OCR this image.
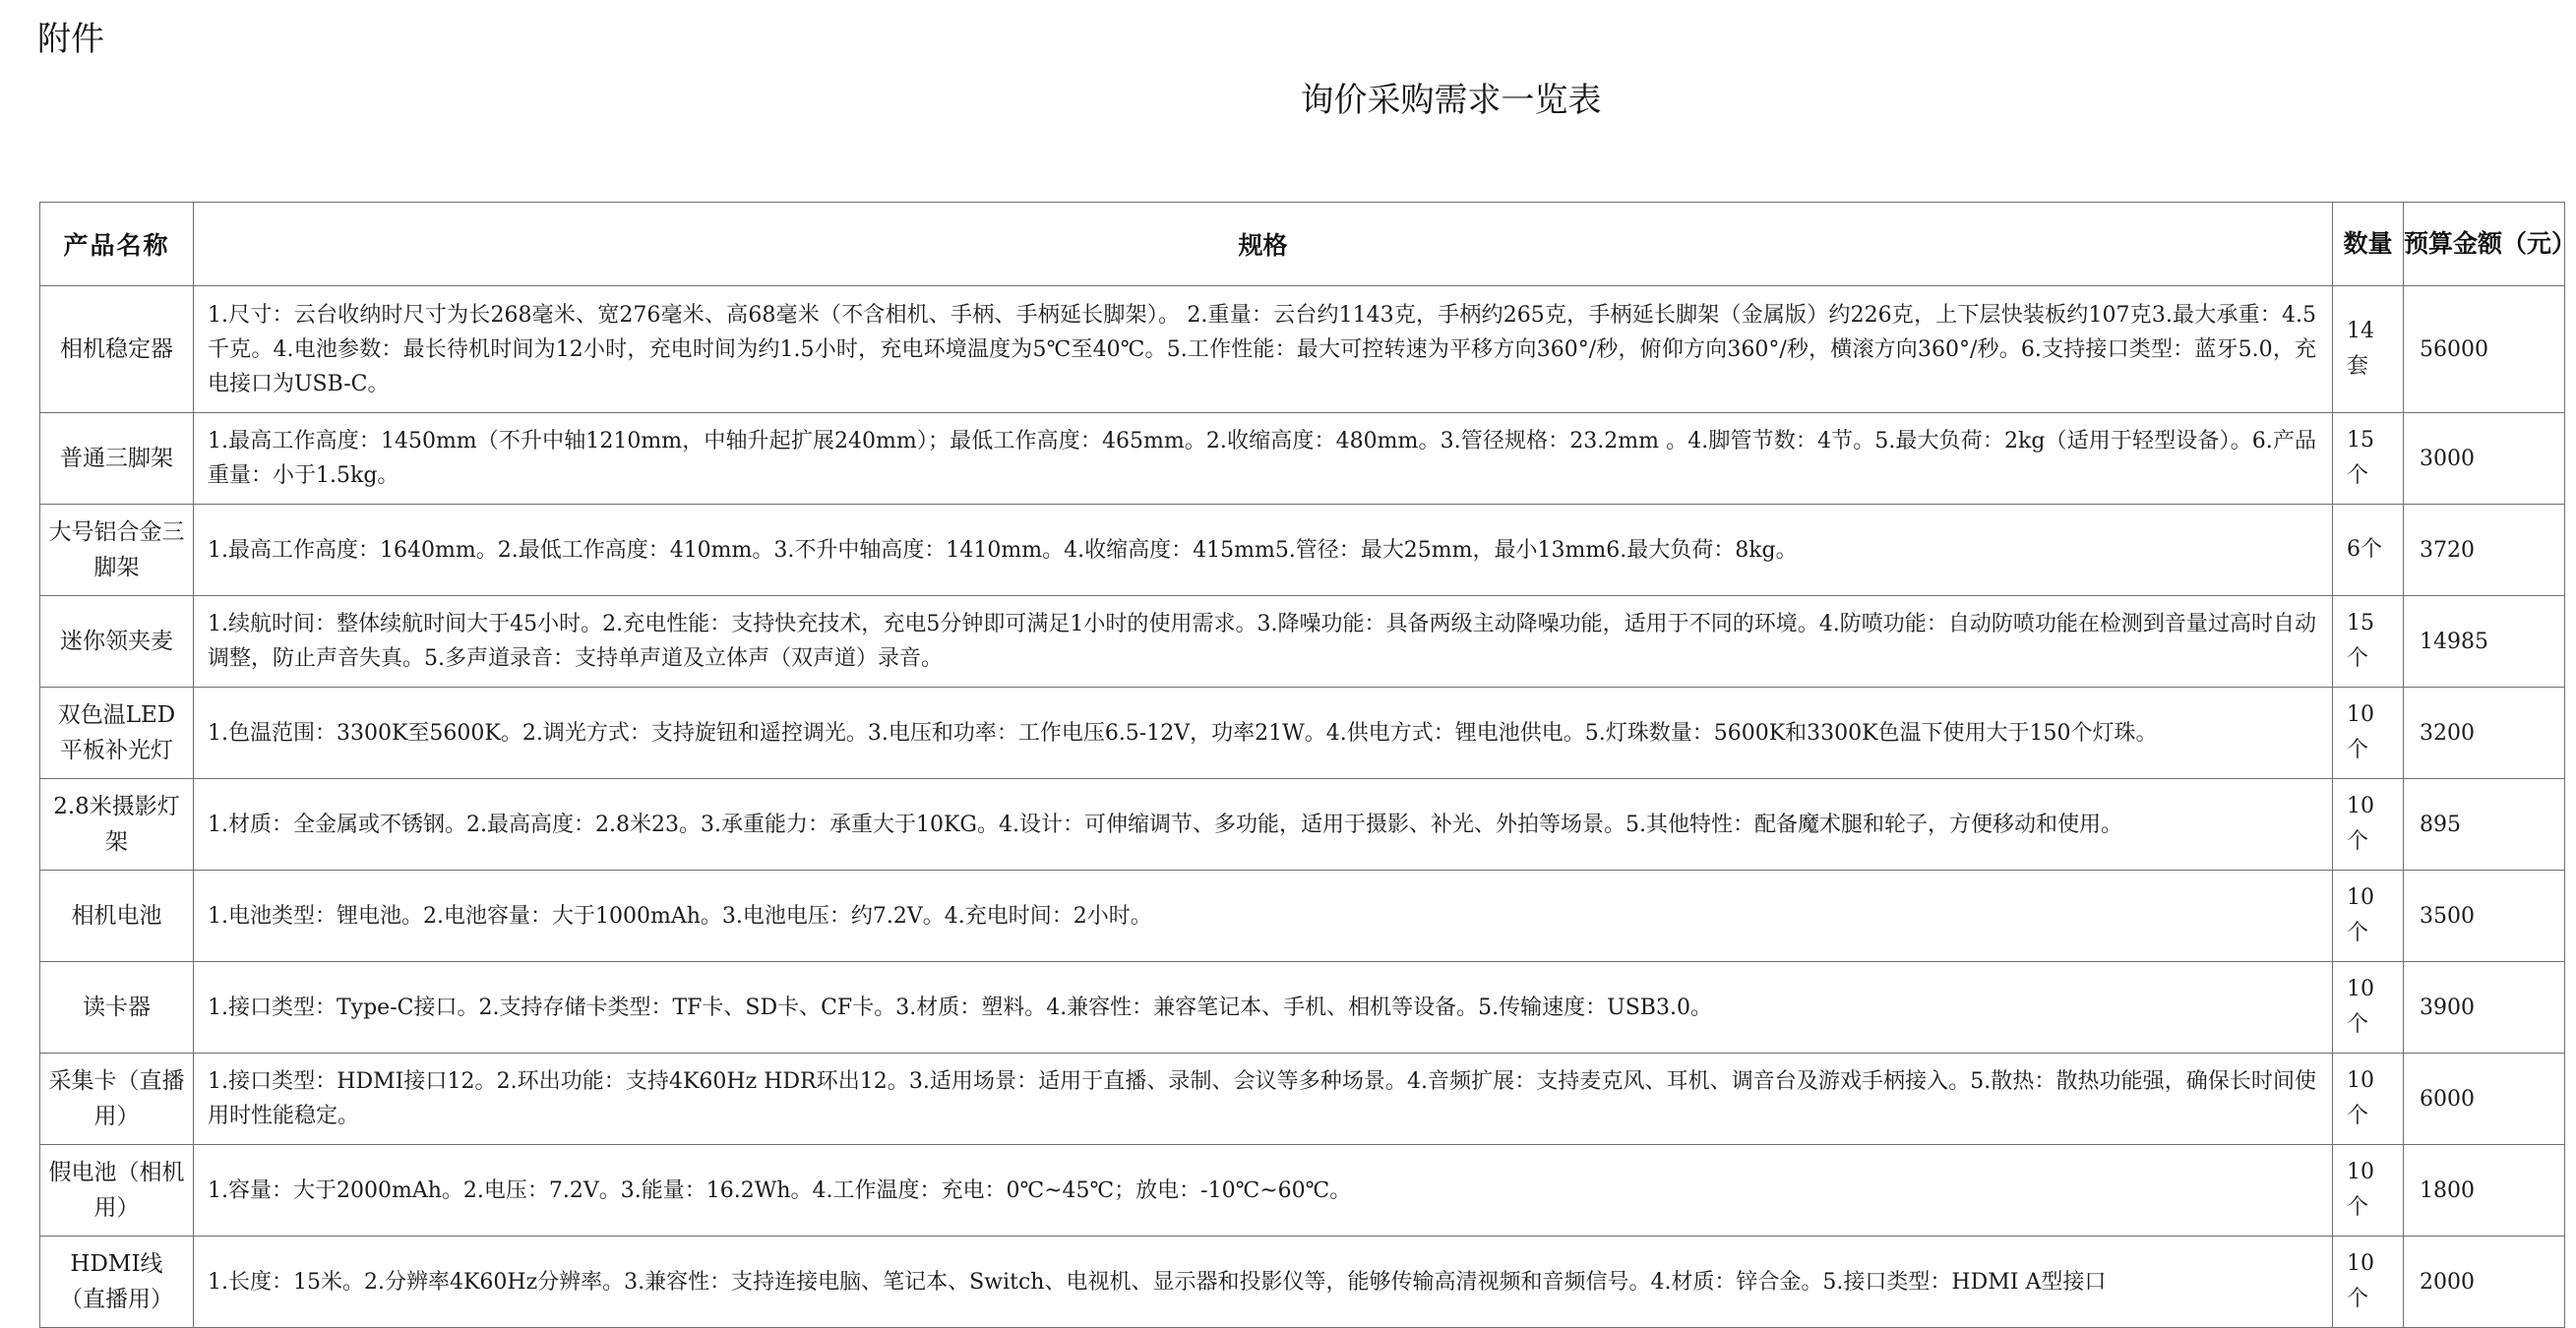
附件
询价采购需求一览表
产品名称	规格	数量	预算金额（元）
相机稳定器	1.尺寸：云台收纳时尺寸为长268毫米、宽276毫米、高68毫米（不含相机、手柄、手柄延长脚架）。 2.重量：云台约1143克，手柄约265克，手柄延长脚架（金属版）约226克，上下层快装板约107克3.最大承重：4.5千克。4.电池参数：最长待机时间为12小时，充电时间为约1.5小时，充电环境温度为5℃至40℃。5.工作性能：最大可控转速为平移方向360°/秒，俯仰方向360°/秒，横滚方向360°/秒。6.支持接口类型：蓝牙5.0，充电接口为USB-C。	14套	56000
普通三脚架	1.最高工作高度：1450mm（不升中轴1210mm，中轴升起扩展240mm）；最低工作高度：465mm。2.收缩高度：480mm。3.管径规格：23.2mm 。4.脚管节数：4节。5.最大负荷：2kg（适用于轻型设备）。6.产品重量：小于1.5kg。	15个	3000
大号铝合金三脚架	1.最高工作高度：1640mm。2.最低工作高度：410mm。3.不升中轴高度：1410mm。4.收缩高度：415mm5.管径：最大25mm，最小13mm6.最大负荷：8kg。	6个	3720
迷你领夹麦	1.续航时间：整体续航时间大于45小时。2.充电性能：支持快充技术，充电5分钟即可满足1小时的使用需求。3.降噪功能：具备两级主动降噪功能，适用于不同的环境。4.防喷功能：自动防喷功能在检测到音量过高时自动调整，防止声音失真。5.多声道录音：支持单声道及立体声（双声道）录音。	15个	14985
双色温LED平板补光灯	1.色温范围：3300K至5600K。2.调光方式：支持旋钮和遥控调光。3.电压和功率：工作电压6.5-12V，功率21W。4.供电方式：锂电池供电。5.灯珠数量：5600K和3300K色温下使用大于150个灯珠。	10个	3200
2.8米摄影灯架	1.材质：全金属或不锈钢。2.最高高度：2.8米23。3.承重能力：承重大于10KG。4.设计：可伸缩调节、多功能，适用于摄影、补光、外拍等场景。5.其他特性：配备魔术腿和轮子，方便移动和使用。	10个	895
相机电池	1.电池类型：锂电池。2.电池容量：大于1000mAh。3.电池电压：约7.2V。4.充电时间：2小时。	10个	3500
读卡器	1.接口类型：Type-C接口。2.支持存储卡类型：TF卡、SD卡、CF卡。3.材质：塑料。4.兼容性：兼容笔记本、手机、相机等设备。5.传输速度：USB3.0。	10个	3900
采集卡（直播用）	1.接口类型：HDMI接口12。2.环出功能：支持4K60Hz HDR环出12。3.适用场景：适用于直播、录制、会议等多种场景。4.音频扩展：支持麦克风、耳机、调音台及游戏手柄接入。5.散热：散热功能强，确保长时间使用时性能稳定。	10个	6000
假电池（相机用）	1.容量：大于2000mAh。2.电压：7.2V。3.能量：16.2Wh。4.工作温度：充电：0℃~45℃；放电：-10℃~60℃。	10个	1800
HDMI线（直播用）	1.长度：15米。2.分辨率4K60Hz分辨率。3.兼容性：支持连接电脑、笔记本、Switch、电视机、显示器和投影仪等，能够传输高清视频和音频信号。4.材质：锌合金。5.接口类型：HDMI A型接口	10个	2000
